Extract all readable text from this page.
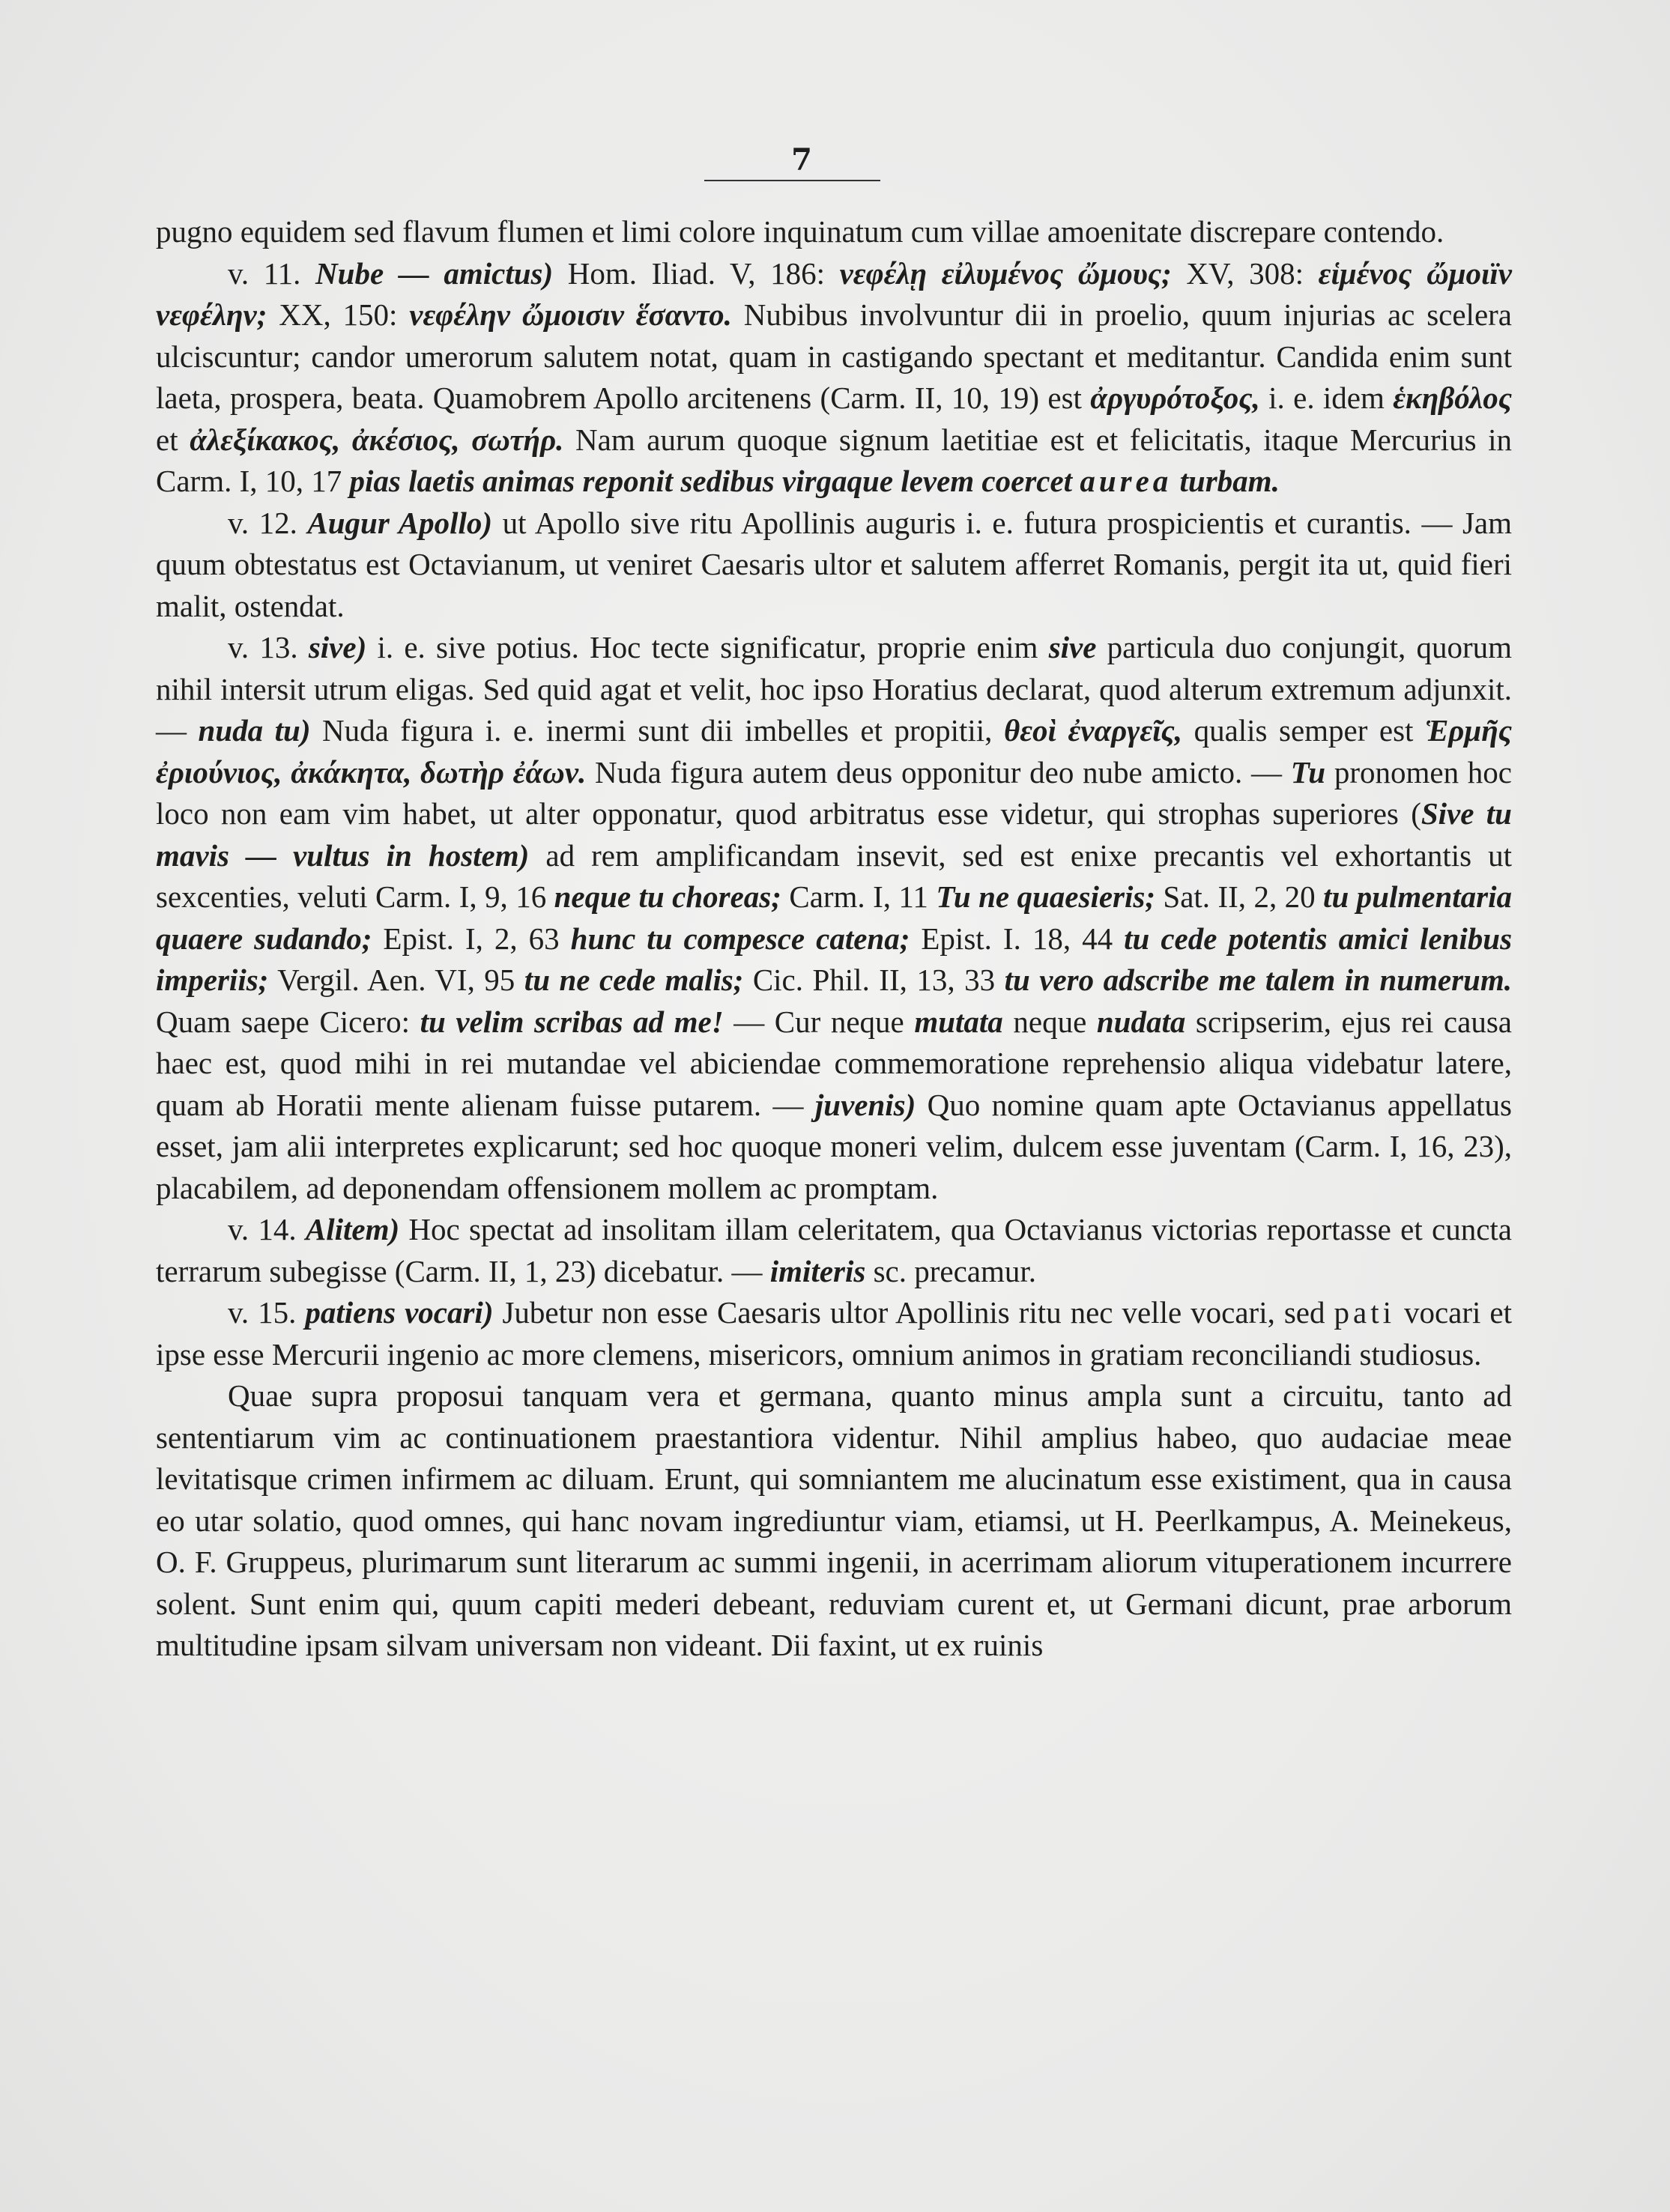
7

pugno equidem sed flavum flumen et limi colore inquinatum cum villae amoenitate discrepare contendo.

v. 11. Nube — amictus) Hom. Iliad. V, 186: νεφέλῃ εἰλυμένος ὤμους; XV, 308: εἱμένος ὤμοιϊν νεφέλην; XX, 150: νεφέλην ὤμοισιν ἕσαντο. Nubibus involvuntur dii in proelio, quum injurias ac scelera ulciscuntur; candor umerorum salutem notat, quam in castigando spectant et meditantur. Candida enim sunt laeta, prospera, beata. Quamobrem Apollo arcitenens (Carm. II, 10, 19) est ἀργυρότοξος, i. e. idem ἑκηβόλος et ἀλεξίκακος, ἀκέσιος, σωτήρ. Nam aurum quoque signum laetitiae est et felicitatis, itaque Mercurius in Carm. I, 10, 17 pias laetis animas reponit sedibus virgaque levem coercet aurea turbam.

v. 12. Augur Apollo) ut Apollo sive ritu Apollinis auguris i. e. futura prospicientis et curantis. — Jam quum obtestatus est Octavianum, ut veniret Caesaris ultor et salutem afferret Romanis, pergit ita ut, quid fieri malit, ostendat.

v. 13. sive) i. e. sive potius. Hoc tecte significatur, proprie enim sive particula duo conjungit, quorum nihil intersit utrum eligas. Sed quid agat et velit, hoc ipso Horatius declarat, quod alterum extremum adjunxit. — nuda tu) Nuda figura i. e. inermi sunt dii imbelles et propitii, θεοὶ ἐναργεῖς, qualis semper est Ἑρμῆς ἐριούνιος, ἀκάκητα, δωτὴρ ἐάων. Nuda figura autem deus opponitur deo nube amicto. — Tu pronomen hoc loco non eam vim habet, ut alter opponatur, quod arbitratus esse videtur, qui strophas superiores (Sive tu mavis — vultus in hostem) ad rem amplificandam insevit, sed est enixe precantis vel exhortantis ut sexcenties, veluti Carm. I, 9, 16 neque tu choreas; Carm. I, 11 Tu ne quaesieris; Sat. II, 2, 20 tu pulmentaria quaere sudando; Epist. I, 2, 63 hunc tu compesce catena; Epist. I. 18, 44 tu cede potentis amici lenibus imperiis; Vergil. Aen. VI, 95 tu ne cede malis; Cic. Phil. II, 13, 33 tu vero adscribe me talem in numerum. Quam saepe Cicero: tu velim scribas ad me! — Cur neque mutata neque nudata scripserim, ejus rei causa haec est, quod mihi in rei mutandae vel abiciendae commemoratione reprehensio aliqua videbatur latere, quam ab Horatii mente alienam fuisse putarem. — juvenis) Quo nomine quam apte Octavianus appellatus esset, jam alii interpretes explicarunt; sed hoc quoque moneri velim, dulcem esse juventam (Carm. I, 16, 23), placabilem, ad deponendam offensionem mollem ac promptam.

v. 14. Alitem) Hoc spectat ad insolitam illam celeritatem, qua Octavianus victorias reportasse et cuncta terrarum subegisse (Carm. II, 1, 23) dicebatur. — imiteris sc. precamur.

v. 15. patiens vocari) Jubetur non esse Caesaris ultor Apollinis ritu nec velle vocari, sed pati vocari et ipse esse Mercurii ingenio ac more clemens, misericors, omnium animos in gratiam reconciliandi studiosus.

Quae supra proposui tanquam vera et germana, quanto minus ampla sunt a circuitu, tanto ad sententiarum vim ac continuationem praestantiora videntur. Nihil amplius habeo, quo audaciae meae levitatisque crimen infirmem ac diluam. Erunt, qui somniantem me alucinatum esse existiment, qua in causa eo utar solatio, quod omnes, qui hanc novam ingrediuntur viam, etiamsi, ut H. Peerlkampus, A. Meinekeus, O. F. Gruppeus, plurimarum sunt literarum ac summi ingenii, in acerrimam aliorum vituperationem incurrere solent. Sunt enim qui, quum capiti mederi debeant, reduviam curent et, ut Germani dicunt, prae arborum multitudine ipsam silvam universam non videant. Dii faxint, ut ex ruinis
